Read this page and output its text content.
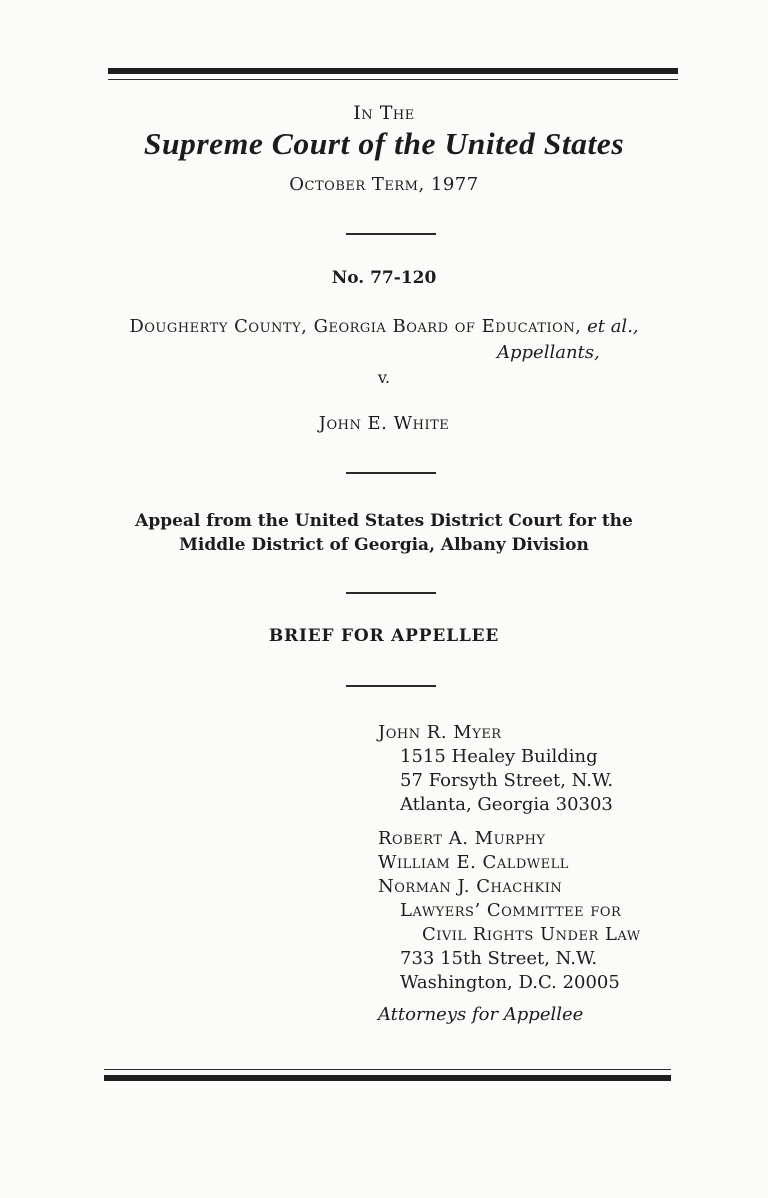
In The
Supreme Court of the United States
October Term, 1977
No. 77-120
Dougherty County, Georgia Board of Education, et al.,
Appellants,
v.
John E. White
Appeal from the United States District Court for the
Middle District of Georgia, Albany Division
BRIEF FOR APPELLEE
John R. Myer
1515 Healey Building
57 Forsyth Street, N.W.
Atlanta, Georgia 30303
Robert A. Murphy
William E. Caldwell
Norman J. Chachkin
Lawyers’ Committee for
Civil Rights Under Law
733 15th Street, N.W.
Washington, D.C. 20005
Attorneys for Appellee
